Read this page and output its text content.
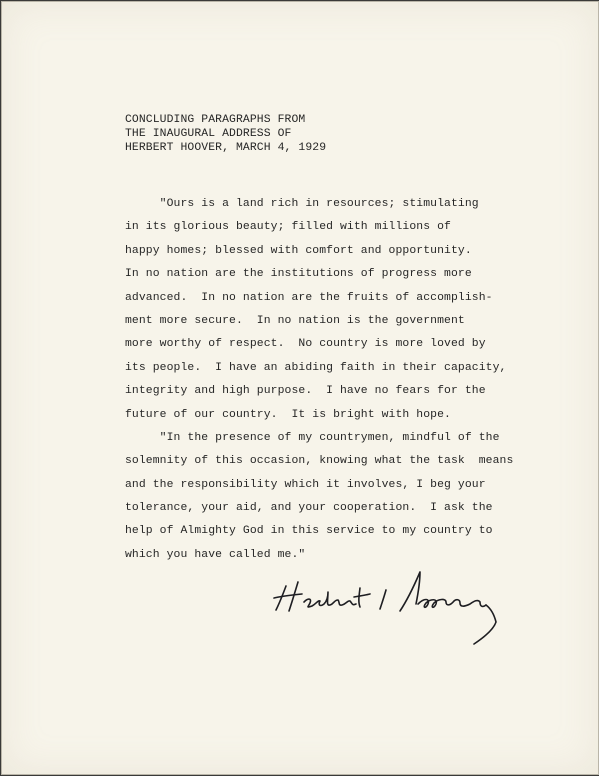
CONCLUDING PARAGRAPHS FROM
THE INAUGURAL ADDRESS OF
HERBERT HOOVER, MARCH 4, 1929
"Ours is a land rich in resources; stimulating
in its glorious beauty; filled with millions of
happy homes; blessed with comfort and opportunity.
In no nation are the institutions of progress more
advanced.  In no nation are the fruits of accomplish-
ment more secure.  In no nation is the government
more worthy of respect.  No country is more loved by
its people.  I have an abiding faith in their capacity,
integrity and high purpose.  I have no fears for the
future of our country.  It is bright with hope.
"In the presence of my countrymen, mindful of the
solemnity of this occasion, knowing what the task  means
and the responsibility which it involves, I beg your
tolerance, your aid, and your cooperation.  I ask the
help of Almighty God in this service to my country to
which you have called me."
